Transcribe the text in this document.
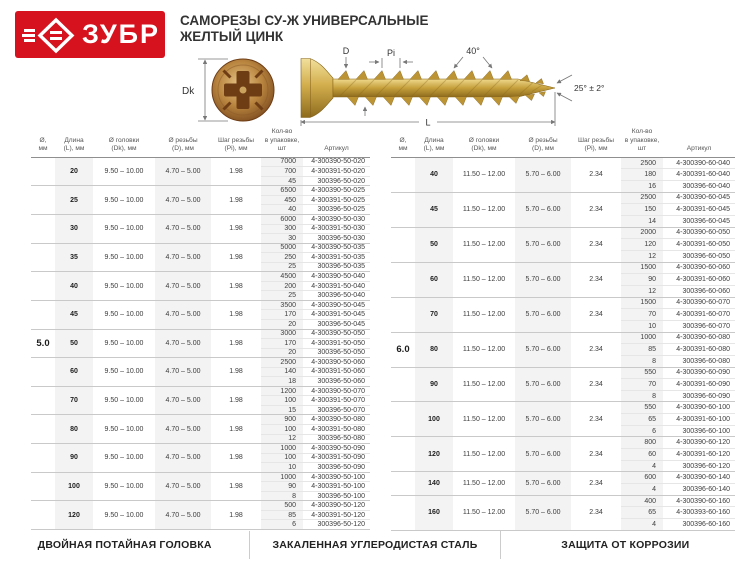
ЗУБР САМОРЕЗЫ СУ-Ж УНИВЕРСАЛЬНЫЕ
ЖЕЛТЫЙ ЦИНК
Dk
D	Pi	40°
25° ± 2°
L
Ø,
мм

Длина
(L), мм

Ø головки
(Dk), мм

Ø резьбы
(D), мм

Шаг резьбы
(Pi), мм

Кол-во
в упаковке, шт	Артикул

	20	9.50 – 10.00	4.70 – 5.00	1.98	7000	4-300390-50-020
					700	4-300391-50-020
					45	300396-50-020
	25	9.50 – 10.00	4.70 – 5.00	1.98	6500	4-300390-50-025
					450	4-300391-50-025
					40	300396-50-025
	30	9.50 – 10.00	4.70 – 5.00	1.98	6000	4-300390-50-030
					300	4-300391-50-030
					30	300396-50-030
	35	9.50 – 10.00	4.70 – 5.00	1.98	5000	4-300390-50-035
					250	4-300391-50-035
					25	300396-50-035
	40	9.50 – 10.00	4.70 – 5.00	1.98	4500	4-300390-50-040
					200	4-300391-50-040
					25	300396-50-040
	45	9.50 – 10.00	4.70 – 5.00	1.98	3500	4-300390-50-045
					170	4-300391-50-045
					20	300396-50-045
5.0	50	9.50 – 10.00	4.70 – 5.00	1.98	3000	4-300390-50-050
					170	4-300391-50-050
					20	300396-50-050
	60	9.50 – 10.00	4.70 – 5.00	1.98	2500	4-300390-50-060
					140	4-300391-50-060
					18	300396-50-060
	70	9.50 – 10.00	4.70 – 5.00	1.98	1200	4-300390-50-070
					100	4-300391-50-070
					15	300396-50-070
	80	9.50 – 10.00	4.70 – 5.00	1.98	900	4-300390-50-080
					100	4-300391-50-080
					12	300396-50-080
	90	9.50 – 10.00	4.70 – 5.00	1.98	1000	4-300390-50-090
					100	4-300391-50-090
					10	300396-50-090
	100	9.50 – 10.00	4.70 – 5.00	1.98	1000	4-300390-50-100
					90	4-300391-50-100
					8	300396-50-100
	120	9.50 – 10.00	4.70 – 5.00	1.98	500	4-300390-50-120
					85	4-300391-50-120
					6	300396-50-120
Ø,
мм

Длина
(L), мм

Ø головки
(Dk), мм

Ø резьбы
(D), мм

Шаг резьбы
(Pi), мм

Кол-во
в упаковке, шт	Артикул

	40	11.50 – 12.00	5.70 – 6.00	2.34	2500	4-300390-60-040
					180	4-300391-60-040
					16	300396-60-040
	45	11.50 – 12.00	5.70 – 6.00	2.34	2500	4-300390-60-045
					150	4-300391-60-045
					14	300396-60-045
	50	11.50 – 12.00	5.70 – 6.00	2.34	2000	4-300390-60-050
					120	4-300391-60-050
					12	300396-60-050
	60	11.50 – 12.00	5.70 – 6.00	2.34	1500	4-300390-60-060
					90	4-300391-60-060
					12	300396-60-060
	70	11.50 – 12.00	5.70 – 6.00	2.34	1500	4-300390-60-070
					70	4-300391-60-070
					10	300396-60-070
6.0	80	11.50 – 12.00	5.70 – 6.00	2.34	1000	4-300390-60-080
					85	4-300391-60-080
					8	300396-60-080
	90	11.50 – 12.00	5.70 – 6.00	2.34	550	4-300390-60-090
					70	4-300391-60-090
					8	300396-60-090
	100	11.50 – 12.00	5.70 – 6.00	2.34	550	4-300390-60-100
					65	4-300391-60-100
					6	300396-60-100
	120	11.50 – 12.00	5.70 – 6.00	2.34	800	4-300390-60-120
					60	4-300391-60-120
					4	300396-60-120
	140	11.50 – 12.00	5.70 – 6.00	2.34	600	4-300390-60-140
					4	300396-60-140
	160	11.50 – 12.00	5.70 – 6.00	2.34	400	4-300390-60-160
					65	4-300393-60-160
					4	300396-60-160
ДВОЙНАЯ ПОТАЙНАЯ ГОЛОВКА	ЗАКАЛЕННАЯ УГЛЕРОДИСТАЯ СТАЛЬ	ЗАЩИТА ОТ КОРРОЗИИ
